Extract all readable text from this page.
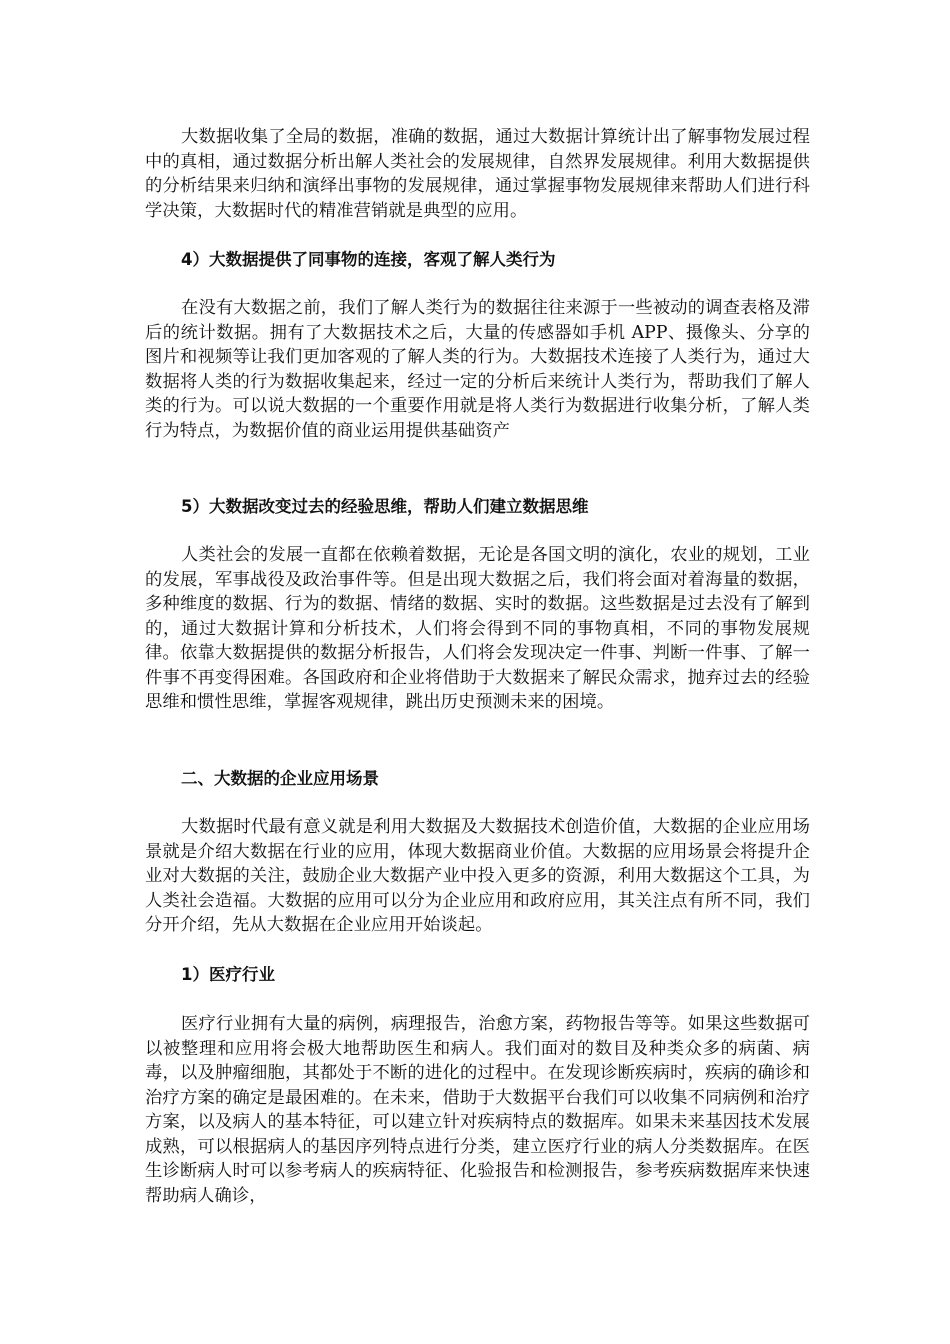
大数据收集了全局的数据，准确的数据，通过大数据计算统计出了解事物发展过程中的真相，通过数据分析出解人类社会的发展规律，自然界发展规律。利用大数据提供的分析结果来归纳和演绎出事物的发展规律，通过掌握事物发展规律来帮助人们进行科学决策，大数据时代的精准营销就是典型的应用。

4）大数据提供了同事物的连接，客观了解人类行为

在没有大数据之前，我们了解人类行为的数据往往来源于一些被动的调查表格及滞后的统计数据。拥有了大数据技术之后，大量的传感器如手机 APP、摄像头、分享的图片和视频等让我们更加客观的了解人类的行为。大数据技术连接了人类行为，通过大数据将人类的行为数据收集起来，经过一定的分析后来统计人类行为，帮助我们了解人类的行为。可以说大数据的一个重要作用就是将人类行为数据进行收集分析，了解人类行为特点，为数据价值的商业运用提供基础资产

5）大数据改变过去的经验思维，帮助人们建立数据思维

人类社会的发展一直都在依赖着数据，无论是各国文明的演化，农业的规划，工业的发展，军事战役及政治事件等。但是出现大数据之后，我们将会面对着海量的数据，多种维度的数据、行为的数据、情绪的数据、实时的数据。这些数据是过去没有了解到的，通过大数据计算和分析技术，人们将会得到不同的事物真相，不同的事物发展规律。依靠大数据提供的数据分析报告，人们将会发现决定一件事、判断一件事、了解一件事不再变得困难。各国政府和企业将借助于大数据来了解民众需求，抛弃过去的经验思维和惯性思维，掌握客观规律，跳出历史预测未来的困境。

二、大数据的企业应用场景

大数据时代最有意义就是利用大数据及大数据技术创造价值，大数据的企业应用场景就是介绍大数据在行业的应用，体现大数据商业价值。大数据的应用场景会将提升企业对大数据的关注，鼓励企业大数据产业中投入更多的资源，利用大数据这个工具，为人类社会造福。大数据的应用可以分为企业应用和政府应用，其关注点有所不同，我们分开介绍，先从大数据在企业应用开始谈起。

1）医疗行业

医疗行业拥有大量的病例，病理报告，治愈方案，药物报告等等。如果这些数据可以被整理和应用将会极大地帮助医生和病人。我们面对的数目及种类众多的病菌、病毒，以及肿瘤细胞，其都处于不断的进化的过程中。在发现诊断疾病时，疾病的确诊和治疗方案的确定是最困难的。在未来，借助于大数据平台我们可以收集不同病例和治疗方案，以及病人的基本特征，可以建立针对疾病特点的数据库。如果未来基因技术发展成熟，可以根据病人的基因序列特点进行分类，建立医疗行业的病人分类数据库。在医生诊断病人时可以参考病人的疾病特征、化验报告和检测报告，参考疾病数据库来快速帮助病人确诊，
